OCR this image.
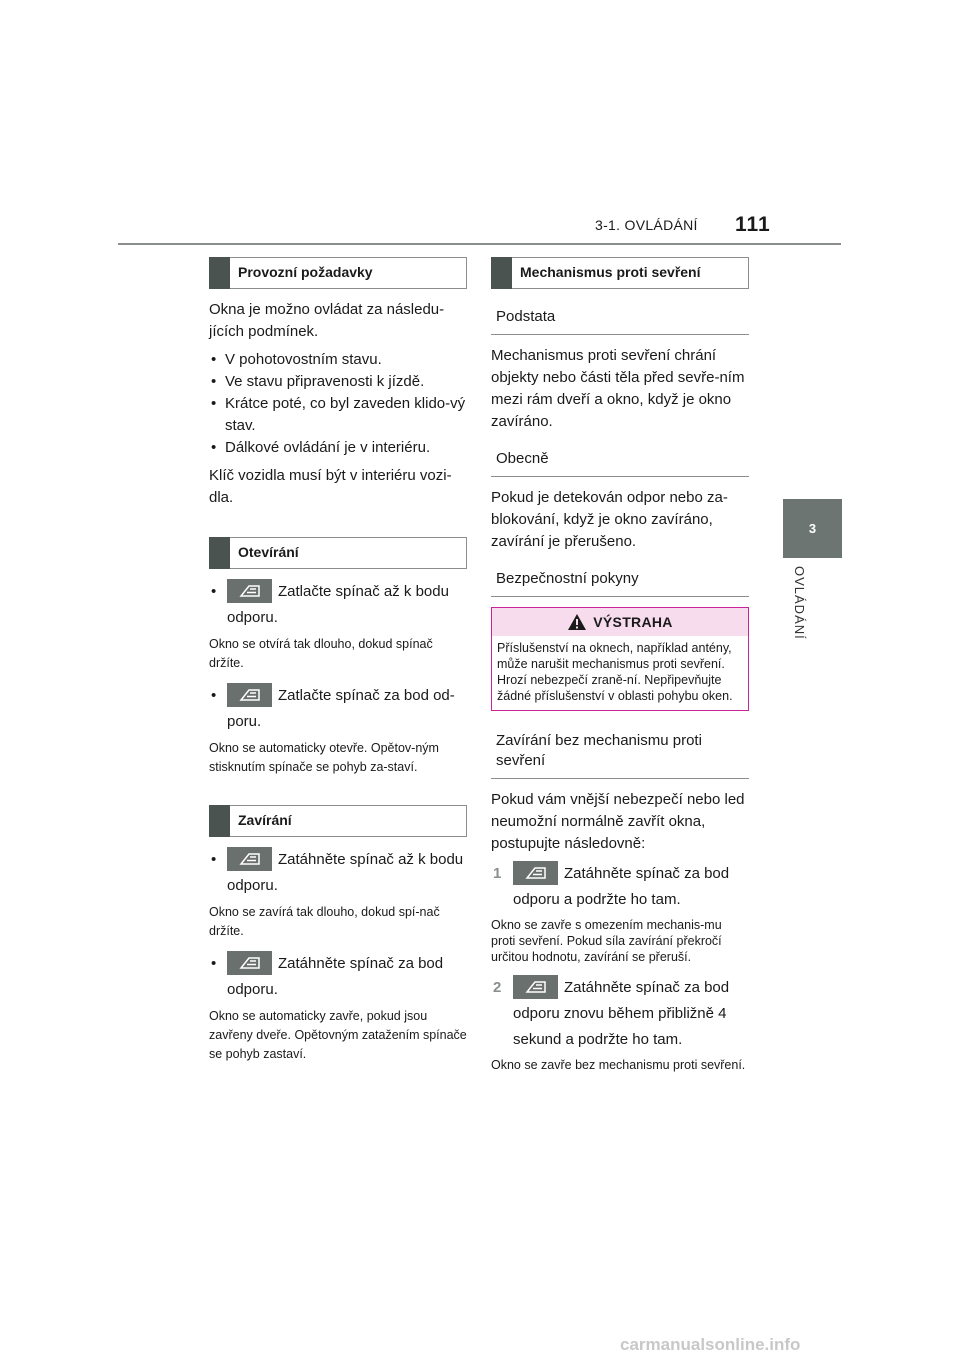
3-1. OVLÁDÁNÍ 111
3
OVLÁDÁNÍ
Provozní požadavky

Okna je možno ovládat za následu-jících podmínek.

• V pohotovostním stavu.
• Ve stavu připravenosti k jízdě.
• Krátce poté, co byl zaveden klido-vý stav.
• Dálkové ovládání je v interiéru.

Klíč vozidla musí být v interiéru vozi-dla.

Otevírání
•	Zatlačte spínač až k bodu odporu.

Okno se otvírá tak dlouho, dokud spínač držíte.

•	Zatlačte spínač za bod od-poru.

Okno se automaticky otevře. Opětov-ným stisknutím spínače se pohyb za-staví.

Zavírání
•	Zatáhněte spínač až k bodu odporu.

Okno se zavírá tak dlouho, dokud spí-nač držíte.

•	Zatáhněte spínač za bod odporu.

Okno se automaticky zavře, pokud jsou zavřeny dveře. Opětovným zatažením spínače se pohyb zastaví.

Mechanismus proti sevření
Podstata

Mechanismus proti sevření chrání objekty nebo části těla před sevře-ním mezi rám dveří a okno, když je okno zavíráno.

Obecně

Pokud je detekován odpor nebo za-blokování, když je okno zavíráno, zavírání je přerušeno.

Bezpečnostní pokyny
VÝSTRAHA
Příslušenství na oknech, například antény, může narušit mechanismus proti sevření. Hrozí nebezpečí zraně-ní. Nepřipevňujte žádné příslušenství v oblasti pohybu oken.
Zavírání bez mechanismu proti sevření

Pokud vám vnější nebezpečí nebo led neumožní normálně zavřít okna, postupujte následovně:

1	Zatáhněte spínač za bod odporu a podržte ho tam.

Okno se zavře s omezením mechanis-mu proti sevření. Pokud síla zavírání překročí určitou hodnotu, zavírání se přeruší.

2	Zatáhněte spínač za bod odporu znovu během přibližně 4 sekund a podržte ho tam.

Okno se zavře bez mechanismu proti sevření.

carmanualsonline.info
